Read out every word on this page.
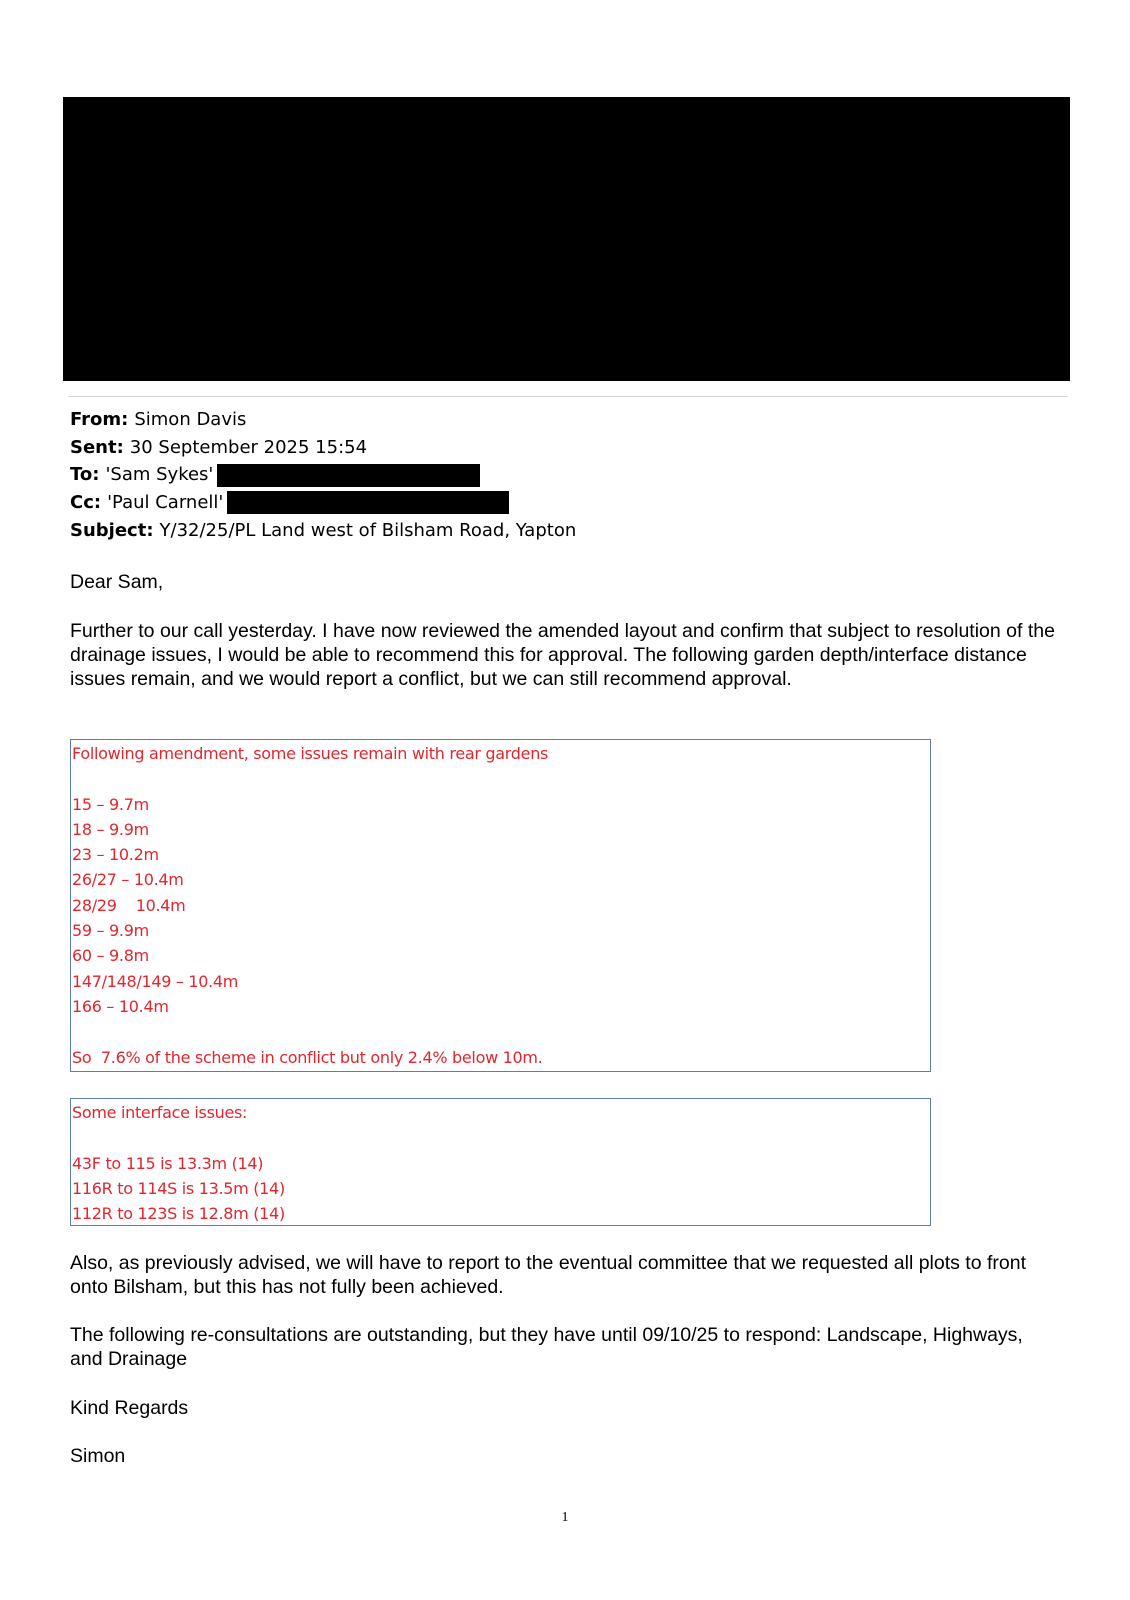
From: Simon Davis
Sent: 30 September 2025 15:54
To: 'Sam Sykes'
Cc: 'Paul Carnell'
Subject: Y/32/25/PL Land west of Bilsham Road, Yapton

Dear Sam,

Further to our call yesterday. I have now reviewed the amended layout and confirm that subject to resolution of the drainage issues, I would be able to recommend this for approval. The following garden depth/interface distance issues remain, and we would report a conflict, but we can still recommend approval.

Following amendment, some issues remain with rear gardens
15 – 9.7m
18 – 9.9m
23 – 10.2m
26/27 – 10.4m
28/29    10.4m
59 – 9.9m
60 – 9.8m
147/148/149 – 10.4m
166 – 10.4m
So  7.6% of the scheme in conflict but only 2.4% below 10m.
Some interface issues:
43F to 115 is 13.3m (14)
116R to 114S is 13.5m (14)
112R to 123S is 12.8m (14)

Also, as previously advised, we will have to report to the eventual committee that we requested all plots to front onto Bilsham, but this has not fully been achieved.

The following re-consultations are outstanding, but they have until 09/10/25 to respond: Landscape, Highways, and Drainage

Kind Regards

Simon

1
